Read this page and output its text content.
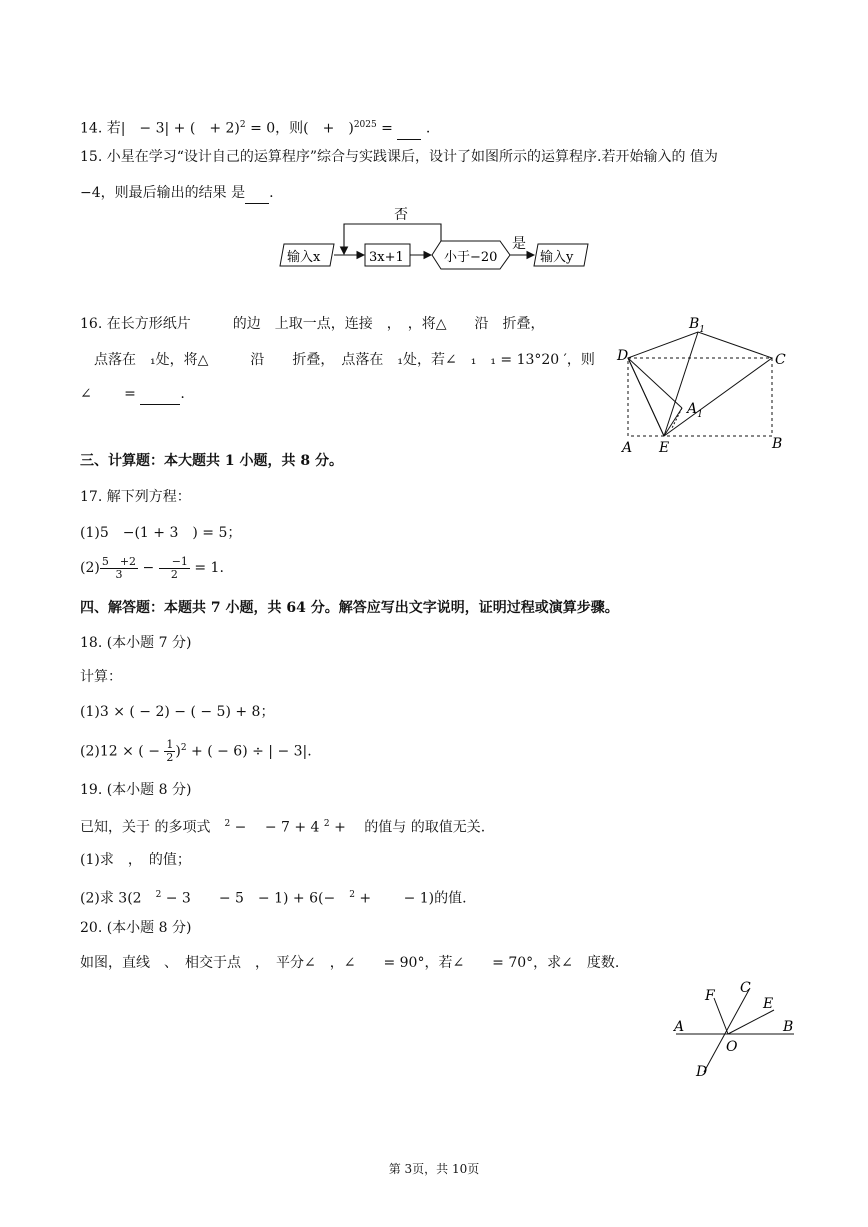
14. 若|　− 3| + (　+ 2)$^2$ = 0，则(　+　)$^{2025}$ =   .
15. 小星在学习“设计自己的运算程序”综合与实践课后，设计了如图所示的运算程序.若开始输入的 值为
−4，则最后输出的结果 是 .
否
输入x	3x+1	小于−20
是
输入y
16. 在长方形纸片　　　的边　上取一点，连接　，　，将△　　沿　折叠，
　点落在　₁处，将△　　　沿　　折叠，　点落在　₁处，若∠　₁　₁ = 13°20 ′，则
∠　　 =	.
$B_1$
D	C
$A_1$
A E	B
三、计算题：本大题共 1 小题，共 8 分。
17. 解下列方程：
(1)5　−(1 + 3　) = 5；
$(2) \frac{5 +2}{3}$ − 　$\frac{-1}{2} = 1$.
四、解答题：本题共 7 小题，共 64 分。解答应写出文字说明，证明过程或演算步骤。
18. (本小题 7 分)
计算：
(1)3 × ( − 2) − ( − 5) + 8；
(2)12 × ( − $\frac{1}{2} )^2$ + ( − 6) ÷ | − 3|.
19. (本小题 8 分)
已知，关于 的多项式　$^2$ −　 − 7 + 4 $^2$ +　 的值与 的取值无关.
(1)求　，　的值；
(2)求 3(2　$^2$ − 3　　− 5　− 1) + 6(−　$^2$ +　　 − 1)的值.
20. (本小题 8 分)
如图，直线　、　相交于点　，　平分∠　，∠　　= 90°，若∠　　= 70°，求∠　度数.
F C
E
A	B
O
D
第 3页，共 10页
